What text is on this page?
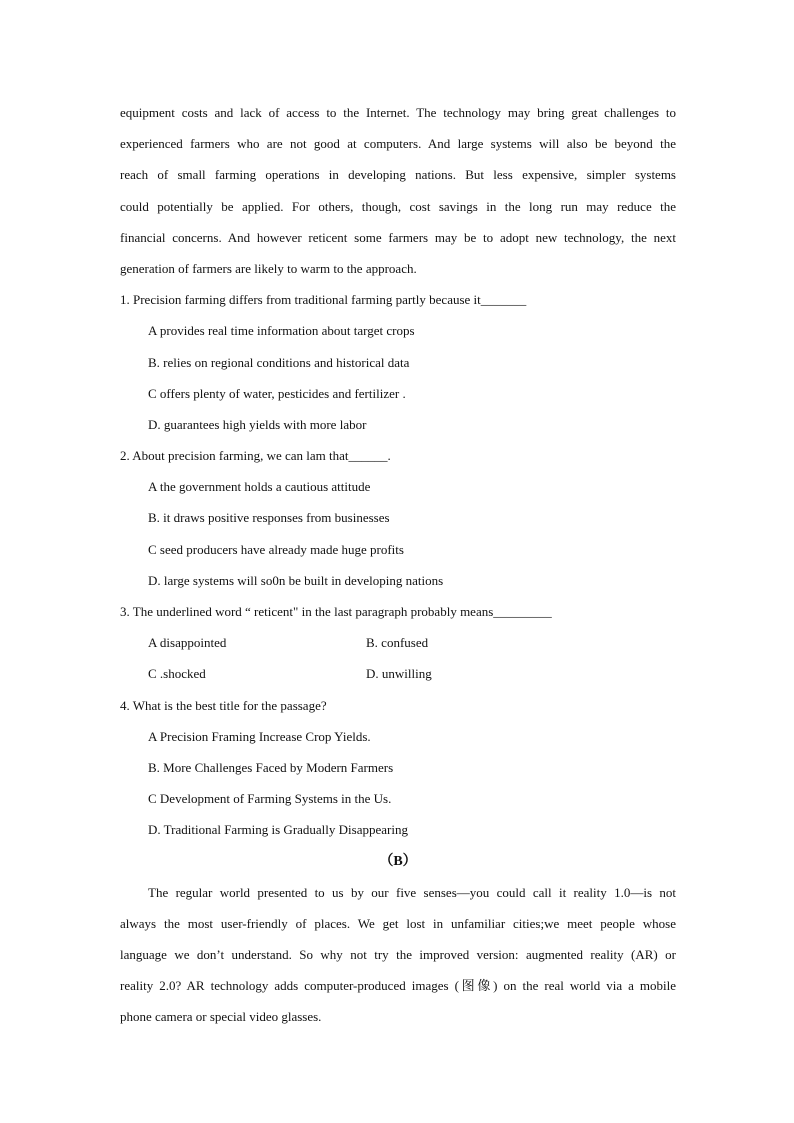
equipment costs and lack of access to the Internet. The technology may bring great challenges to
experienced farmers who are not good at computers. And large systems will also be beyond the
reach of small farming operations in developing nations. But less expensive, simpler systems
could potentially be applied. For others, though, cost savings in the long run may reduce the
financial concerns. And however reticent some farmers may be to adopt new technology, the next
generation of farmers are likely to warm to the approach.
1. Precision farming differs from traditional farming partly because it_______
A provides real time information about target crops
B. relies on regional conditions and historical data
C offers plenty of water, pesticides and fertilizer .
D. guarantees high yields with more labor
2. About precision farming, we can lam that______.
A the government holds a cautious attitude
B. it draws positive responses from businesses
C seed producers have already made huge profits
D. large systems will so0n be built in developing nations
3. The underlined word “ reticent" in the last paragraph probably means_________
A disappointed	B. confused
C .shocked	D. unwilling
4. What is the best title for the passage?
A Precision Framing Increase Crop Yields.
B. More Challenges Faced by Modern Farmers
C Development of Farming Systems in the Us.
D. Traditional Farming is Gradually Disappearing
（B）
The regular world presented to us by our five senses—you could call it reality 1.0—is not
always the most user-friendly of places. We get lost in unfamiliar cities;we meet people whose
language we don’t understand. So why not try the improved version: augmented reality (AR) or
reality 2.0? AR technology adds computer-produced images (图像) on the real world via a mobile
phone camera or special video glasses.
